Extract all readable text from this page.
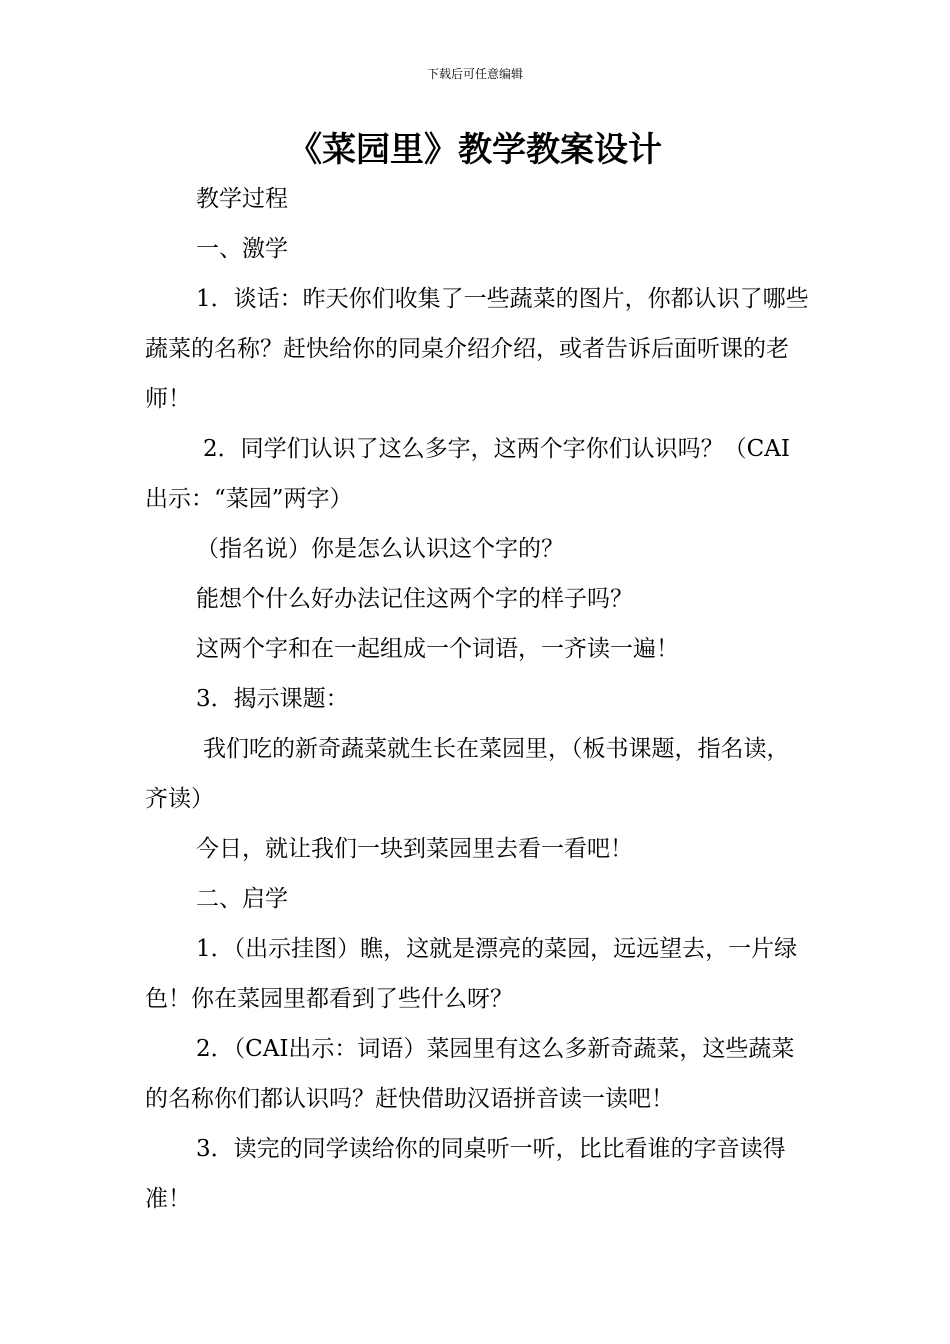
下载后可任意编辑
《菜园里》教学教案设计

教学过程

一、激学

1．谈话：昨天你们收集了一些蔬菜的图片，你都认识了哪些蔬菜的名称？赶快给你的同桌介绍介绍，或者告诉后面听课的老师！

2．同学们认识了这么多字，这两个字你们认识吗？（CAI出示：“菜园”两字）

（指名说）你是怎么认识这个字的？

能想个什么好办法记住这两个字的样子吗？

这两个字和在一起组成一个词语，一齐读一遍！

3．揭示课题：

我们吃的新奇蔬菜就生长在菜园里，（板书课题，指名读，齐读）

今日，就让我们一块到菜园里去看一看吧！

二、启学

1．（出示挂图）瞧，这就是漂亮的菜园，远远望去，一片绿色！你在菜园里都看到了些什么呀？

2．（CAI出示：词语）菜园里有这么多新奇蔬菜，这些蔬菜的名称你们都认识吗？赶快借助汉语拼音读一读吧！

3．读完的同学读给你的同桌听一听，比比看谁的字音读得准！
